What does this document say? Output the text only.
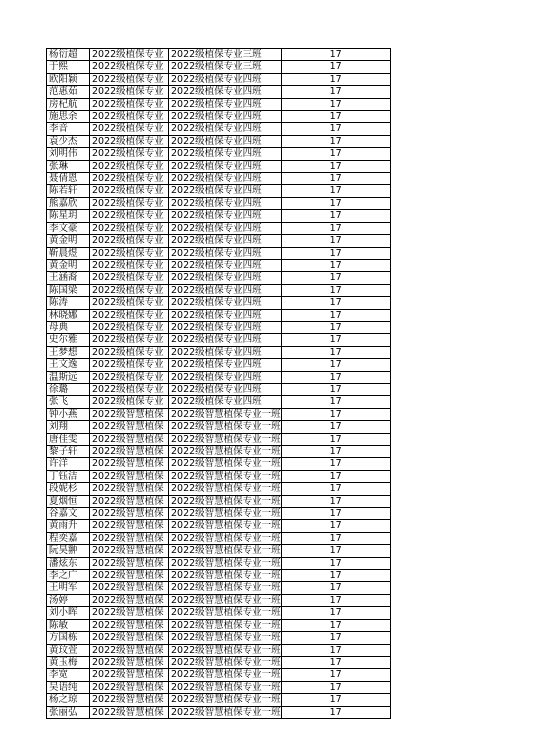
杨衍超	2022级植保专业	2022级植保专业三班	17
于熙	2022级植保专业	2022级植保专业三班	17
欧阳颖	2022级植保专业	2022级植保专业四班	17
范惠茹	2022级植保专业	2022级植保专业四班	17
房杞航	2022级植保专业	2022级植保专业四班	17
施思余	2022级植保专业	2022级植保专业四班	17
李音	2022级植保专业	2022级植保专业四班	17
袁少杰	2022级植保专业	2022级植保专业四班	17
刘明伟	2022级植保专业	2022级植保专业四班	17
张琳	2022级植保专业	2022级植保专业四班	17
聂倩恩	2022级植保专业	2022级植保专业四班	17
陈若轩	2022级植保专业	2022级植保专业四班	17
熊嘉欣	2022级植保专业	2022级植保专业四班	17
陈星玥	2022级植保专业	2022级植保专业四班	17
李文豪	2022级植保专业	2022级植保专业四班	17
黄金明	2022级植保专业	2022级植保专业四班	17
靳晨煜	2022级植保专业	2022级植保专业四班	17
黄金明	2022级植保专业	2022级植保专业四班	17
王涵裔	2022级植保专业	2022级植保专业四班	17
陈国梁	2022级植保专业	2022级植保专业四班	17
陈涛	2022级植保专业	2022级植保专业四班	17
林晓娜	2022级植保专业	2022级植保专业四班	17
母典	2022级植保专业	2022级植保专业四班	17
史尔雅	2022级植保专业	2022级植保专业四班	17
王梦想	2022级植保专业	2022级植保专业四班	17
王文逸	2022级植保专业	2022级植保专业四班	17
温斯远	2022级植保专业	2022级植保专业四班	17
徐璐	2022级植保专业	2022级植保专业四班	17
张飞	2022级植保专业	2022级植保专业四班	17
钟小燕	2022级智慧植保	2022级智慧植保专业一班	17
刘翔	2022级智慧植保	2022级智慧植保专业一班	17
唐佳雯	2022级智慧植保	2022级智慧植保专业一班	17
黎子轩	2022级智慧植保	2022级智慧植保专业一班	17
许洋	2022级智慧植保	2022级智慧植保专业一班	17
丁钰洁	2022级智慧植保	2022级智慧植保专业一班	17
段妮杉	2022级智慧植保	2022级智慧植保专业一班	17
夏烟恒	2022级智慧植保	2022级智慧植保专业一班	17
谷嘉文	2022级智慧植保	2022级智慧植保专业一班	17
黄雨升	2022级智慧植保	2022级智慧植保专业一班	17
程奕嘉	2022级智慧植保	2022级智慧植保专业一班	17
阮昊翀	2022级智慧植保	2022级智慧植保专业一班	17
潘炫东	2022级智慧植保	2022级智慧植保专业一班	17
李之广	2022级智慧植保	2022级智慧植保专业一班	17
王明军	2022级智慧植保	2022级智慧植保专业一班	17
汤婷	2022级智慧植保	2022级智慧植保专业一班	17
刘小晖	2022级智慧植保	2022级智慧植保专业一班	17
陈敏	2022级智慧植保	2022级智慧植保专业一班	17
方国栋	2022级智慧植保	2022级智慧植保专业一班	17
黄玟萱	2022级智慧植保	2022级智慧植保专业一班	17
黄玉梅	2022级智慧植保	2022级智慧植保专业一班	17
李宽	2022级智慧植保	2022级智慧植保专业一班	17
吴语纯	2022级智慧植保	2022级智慧植保专业一班	17
杨之琼	2022级智慧植保	2022级智慧植保专业一班	17
张丽弘	2022级智慧植保	2022级智慧植保专业一班	17
